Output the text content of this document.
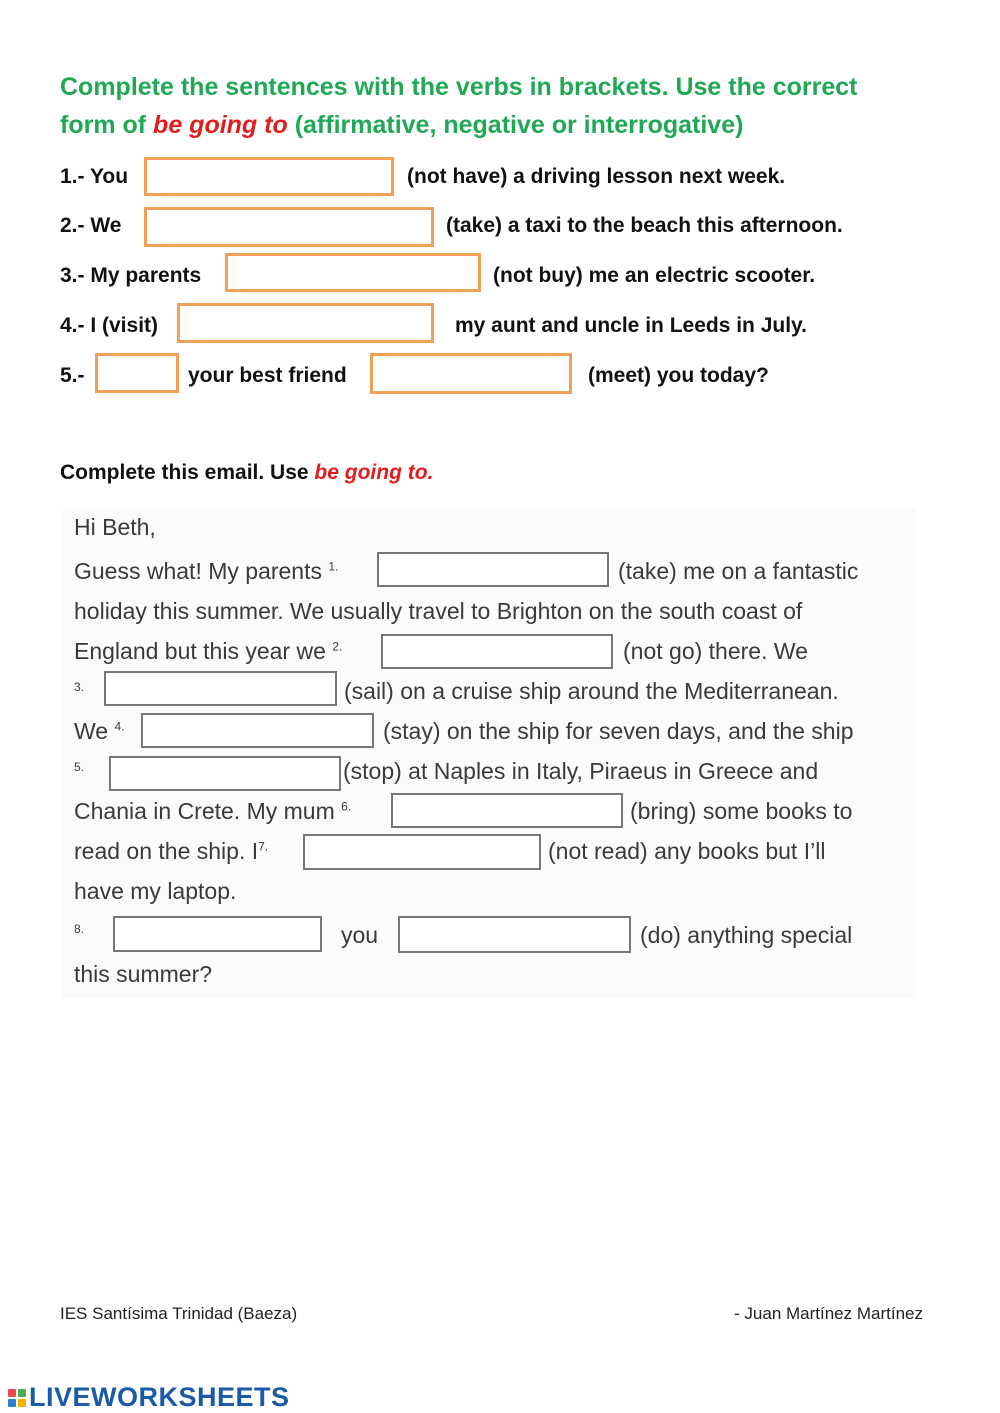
Complete the sentences with the verbs in brackets. Use the correct
form of be going to (affirmative, negative or interrogative)
1.- You	(not have) a driving lesson next week.
2.- We	(take) a taxi to the beach this afternoon.
3.- My parents	(not buy) me an electric scooter.
4.- I (visit)	my aunt and uncle in Leeds in July.
5.-	your best friend	(meet) you today?
Complete this email. Use be going to.
Hi Beth,
Guess what! My parents $^{1.}$	(take) me on a fantastic
holiday this summer. We usually travel to Brighton on the south coast of
England but this year we $^{2.}$	(not go) there. We
3.	(sail) on a cruise ship around the Mediterranean.
We $^{4.}$	(stay) on the ship for seven days, and the ship
5.	(stop) at Naples in Italy, Piraeus in Greece and
Chania in Crete. My mum $^{6.}$	(bring) some books to
read on the ship. $I^{7.}$	(not read) any books but I’ll
have my laptop.
8.	you	(do) anything special
this summer?
IES Santísima Trinidad (Baeza)	- Juan Martínez Martínez
LIVEWORKSHEETS
